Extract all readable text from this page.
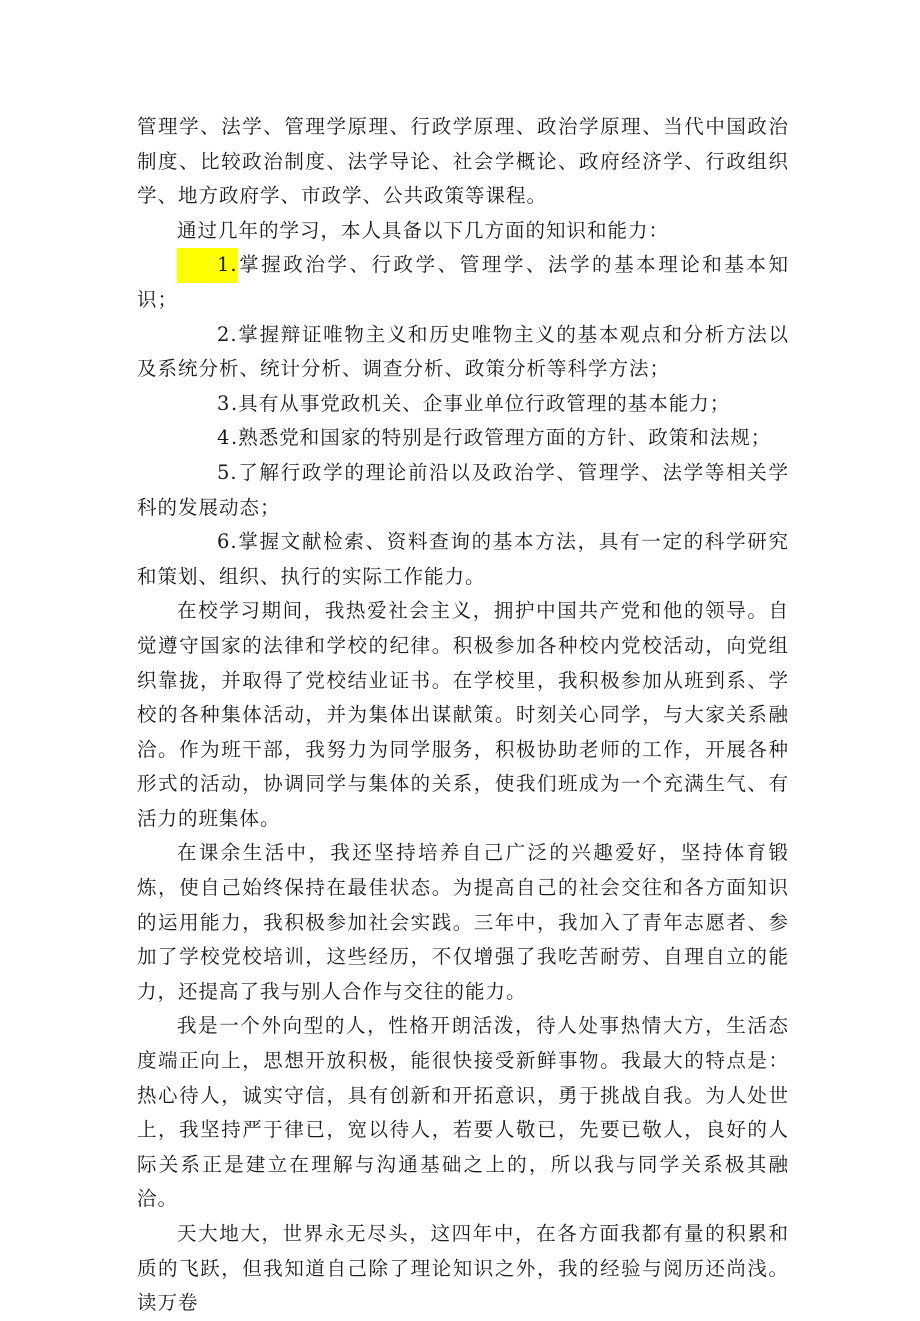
管理学、法学、管理学原理、行政学原理、政治学原理、当代中国政治制度、比较政治制度、法学导论、社会学概论、政府经济学、行政组织学、地方政府学、市政学、公共政策等课程。

通过几年的学习，本人具备以下几方面的知识和能力：

1.掌握政治学、行政学、管理学、法学的基本理论和基本知识；

2.掌握辩证唯物主义和历史唯物主义的基本观点和分析方法以及系统分析、统计分析、调查分析、政策分析等科学方法；

3.具有从事党政机关、企事业单位行政管理的基本能力；

4.熟悉党和国家的特别是行政管理方面的方针、政策和法规；

5.了解行政学的理论前沿以及政治学、管理学、法学等相关学科的发展动态；

6.掌握文献检索、资料查询的基本方法，具有一定的科学研究和策划、组织、执行的实际工作能力。

在校学习期间，我热爱社会主义，拥护中国共产党和他的领导。自觉遵守国家的法律和学校的纪律。积极参加各种校内党校活动，向党组织靠拢，并取得了党校结业证书。在学校里，我积极参加从班到系、学校的各种集体活动，并为集体出谋献策。时刻关心同学，与大家关系融洽。作为班干部，我努力为同学服务，积极协助老师的工作，开展各种形式的活动，协调同学与集体的关系，使我们班成为一个充满生气、有活力的班集体。

在课余生活中，我还坚持培养自己广泛的兴趣爱好，坚持体育锻炼，使自己始终保持在最佳状态。为提高自己的社会交往和各方面知识的运用能力，我积极参加社会实践。三年中，我加入了青年志愿者、参加了学校党校培训，这些经历，不仅增强了我吃苦耐劳、自理自立的能力，还提高了我与别人合作与交往的能力。

我是一个外向型的人，性格开朗活泼，待人处事热情大方，生活态度端正向上，思想开放积极，能很快接受新鲜事物。我最大的特点是：热心待人，诚实守信，具有创新和开拓意识，勇于挑战自我。为人处世上，我坚持严于律已，宽以待人，若要人敬已，先要已敬人，良好的人际关系正是建立在理解与沟通基础之上的，所以我与同学关系极其融洽。

天大地大，世界永无尽头，这四年中，在各方面我都有量的积累和质的飞跃，但我知道自己除了理论知识之外，我的经验与阅历还尚浅。读万卷
